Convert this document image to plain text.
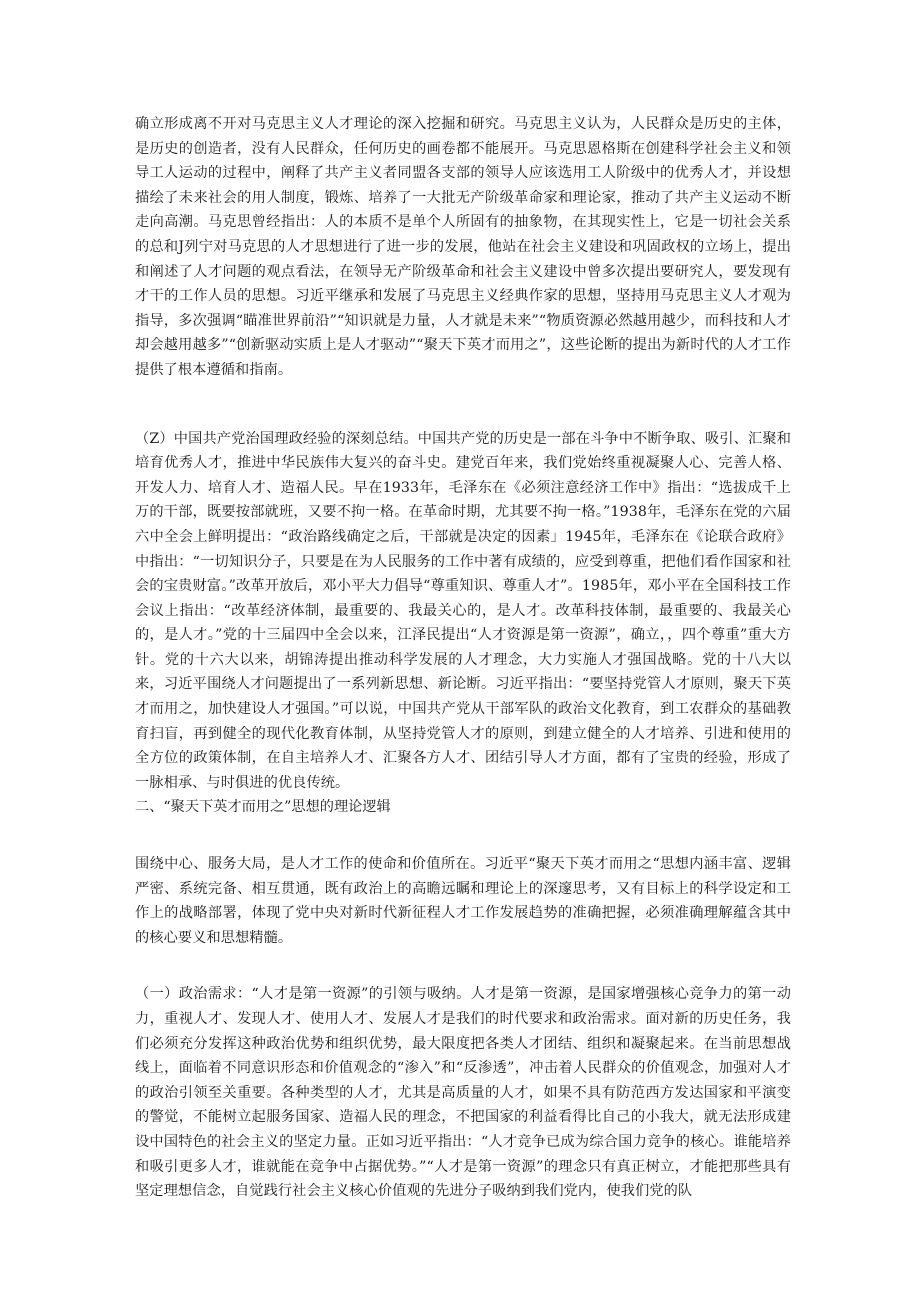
确立形成离不开对马克思主义人才理论的深入挖掘和研究。马克思主义认为，人民群众是历史的主体，是历史的创造者，没有人民群众，任何历史的画卷都不能展开。马克思恩格斯在创建科学社会主义和领导工人运动的过程中，阐释了共产主义者同盟各支部的领导人应该选用工人阶级中的优秀人才，并设想描绘了未来社会的用人制度，锻炼、培养了一大批无产阶级革命家和理论家，推动了共产主义运动不断走向高潮。马克思曾经指出：人的本质不是单个人所固有的抽象物，在其现实性上，它是一切社会关系的总和J列宁对马克思的人才思想进行了进一步的发展，他站在社会主义建设和巩固政权的立场上，提出和阐述了人才问题的观点看法，在领导无产阶级革命和社会主义建设中曾多次提出要研究人，要发现有才干的工作人员的思想。习近平继承和发展了马克思主义经典作家的思想，坚持用马克思主义人才观为指导，多次强调“瞄准世界前沿”“知识就是力量，人才就是未来”“物质资源必然越用越少，而科技和人才却会越用越多”“创新驱动实质上是人才驱动”“聚天下英才而用之”，这些论断的提出为新时代的人才工作提供了根本遵循和指南。

（Z）中国共产党治国理政经验的深刻总结。中国共产党的历史是一部在斗争中不断争取、吸引、汇聚和培育优秀人才，推进中华民族伟大复兴的奋斗史。建党百年来，我们党始终重视凝聚人心、完善人格、开发人力、培育人才、造福人民。早在1933年，毛泽东在《必须注意经济工作中》指出：“选拔成千上万的干部，既要按部就班，又要不拘一格。在革命时期，尤其要不拘一格。”1938年，毛泽东在党的六届六中全会上鲜明提出：“政治路线确定之后，干部就是决定的因素」1945年，毛泽东在《论联合政府》中指出：“一切知识分子，只要是在为人民服务的工作中著有成绩的，应受到尊重，把他们看作国家和社会的宝贵财富。”改革开放后，邓小平大力倡导“尊重知识、尊重人才”。1985年，邓小平在全国科技工作会议上指出：“改革经济体制，最重要的、我最关心的，是人才。改革科技体制，最重要的、我最关心的，是人才。”党的十三届四中全会以来，江泽民提出“人才资源是第一资源”，确立，，四个尊重”重大方针。党的十六大以来，胡锦涛提出推动科学发展的人才理念，大力实施人才强国战略。党的十八大以来，习近平围绕人才问题提出了一系列新思想、新论断。习近平指出：“要坚持党管人才原则，聚天下英才而用之，加快建设人才强国。”可以说，中国共产党从干部军队的政治文化教育，到工农群众的基础教育扫盲，再到健全的现代化教育体制，从坚持党管人才的原则，到建立健全的人才培养、引进和使用的全方位的政策体制，在自主培养人才、汇聚各方人才、团结引导人才方面，都有了宝贵的经验，形成了一脉相承、与时俱进的优良传统。

二、“聚天下英才而用之”思想的理论逻辑

围绕中心、服务大局，是人才工作的使命和价值所在。习近平“聚天下英才而用之“思想内涵丰富、逻辑严密、系统完备、相互贯通，既有政治上的高瞻远瞩和理论上的深邃思考，又有目标上的科学设定和工作上的战略部署，体现了党中央对新时代新征程人才工作发展趋势的准确把握，必须准确理解蕴含其中的核心要义和思想精髓。

（一）政治需求：“人才是第一资源”的引领与吸纳。人才是第一资源，是国家增强核心竞争力的第一动力，重视人才、发现人才、使用人才、发展人才是我们的时代要求和政治需求。面对新的历史任务，我们必须充分发挥这种政治优势和组织优势，最大限度把各类人才团结、组织和凝聚起来。在当前思想战线上，面临着不同意识形态和价值观念的“渗入”和“反渗透”，冲击着人民群众的价值观念，加强对人才的政治引领至关重要。各种类型的人才，尤其是高质量的人才，如果不具有防范西方发达国家和平演变的警觉，不能树立起服务国家、造福人民的理念，不把国家的利益看得比自己的小我大，就无法形成建设中国特色的社会主义的坚定力量。正如习近平指出：“人才竞争已成为综合国力竞争的核心。谁能培养和吸引更多人才，谁就能在竞争中占据优势。”“人才是第一资源”的理念只有真正树立，才能把那些具有坚定理想信念，自觉践行社会主义核心价值观的先进分子吸纳到我们党内，使我们党的队
